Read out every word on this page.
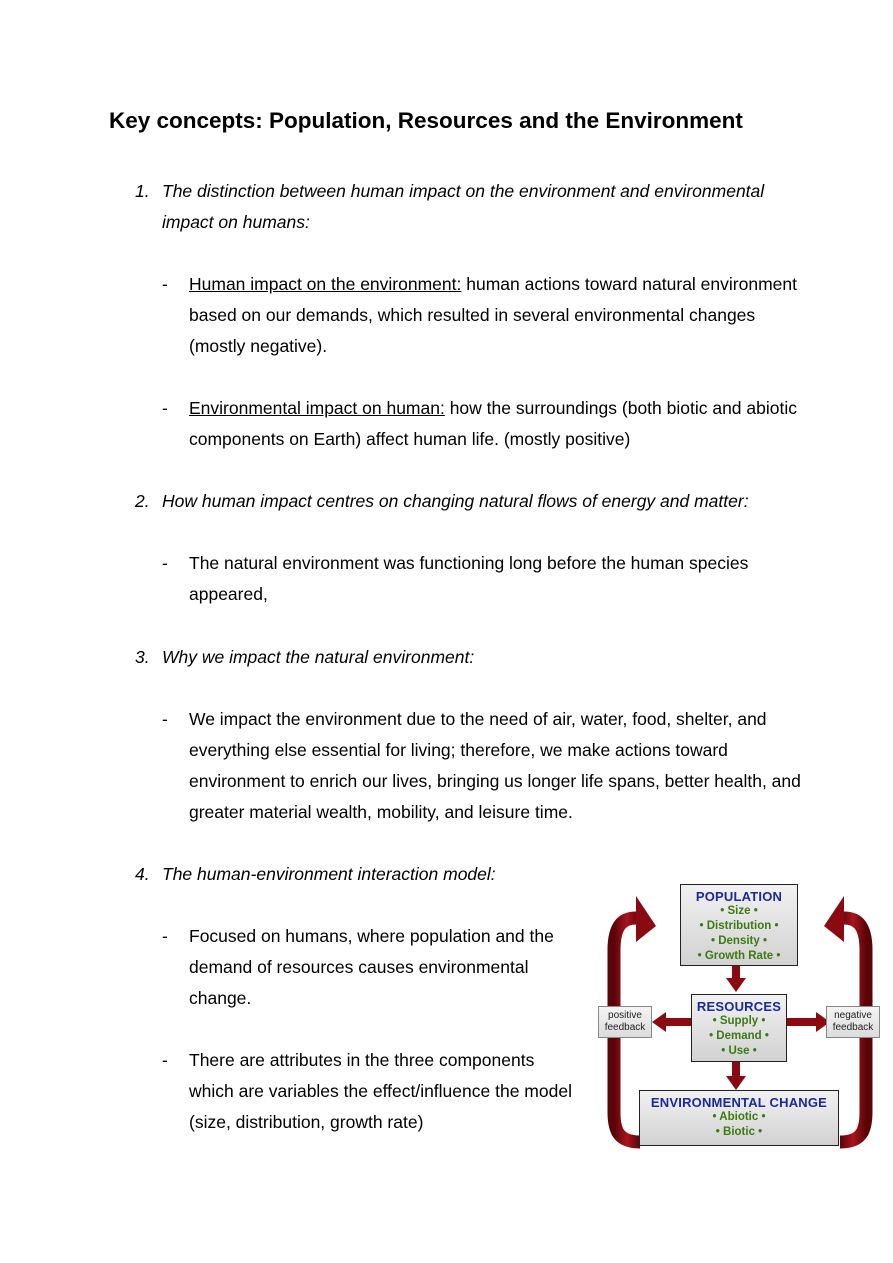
Key concepts: Population, Resources and the Environment
1. The distinction between human impact on the environment and environmental impact on humans:
-	Human impact on the environment: human actions toward natural environment based on our demands, which resulted in several environmental changes (mostly negative).
-	Environmental impact on human: how the surroundings (both biotic and abiotic components on Earth) affect human life. (mostly positive)
2. How human impact centres on changing natural flows of energy and matter:
-	The natural environment was functioning long before the human species appeared,
3. Why we impact the natural environment:
-	We impact the environment due to the need of air, water, food, shelter, and everything else essential for living; therefore, we make actions toward environment to enrich our lives, bringing us longer life spans, better health, and greater material wealth, mobility, and leisure time.
4. The human-environment interaction model:
-	Focused on humans, where population and the demand of resources causes environmental change.
-	There are attributes in the three components which are variables the effect/influence the model (size, distribution, growth rate)
POPULATION
• Size •
• Distribution •
• Density •
• Growth Rate •
RESOURCES
• Supply •
• Demand •
• Use •
ENVIRONMENTAL CHANGE
• Abiotic •
• Biotic •
positive
feedback
negative
feedback
